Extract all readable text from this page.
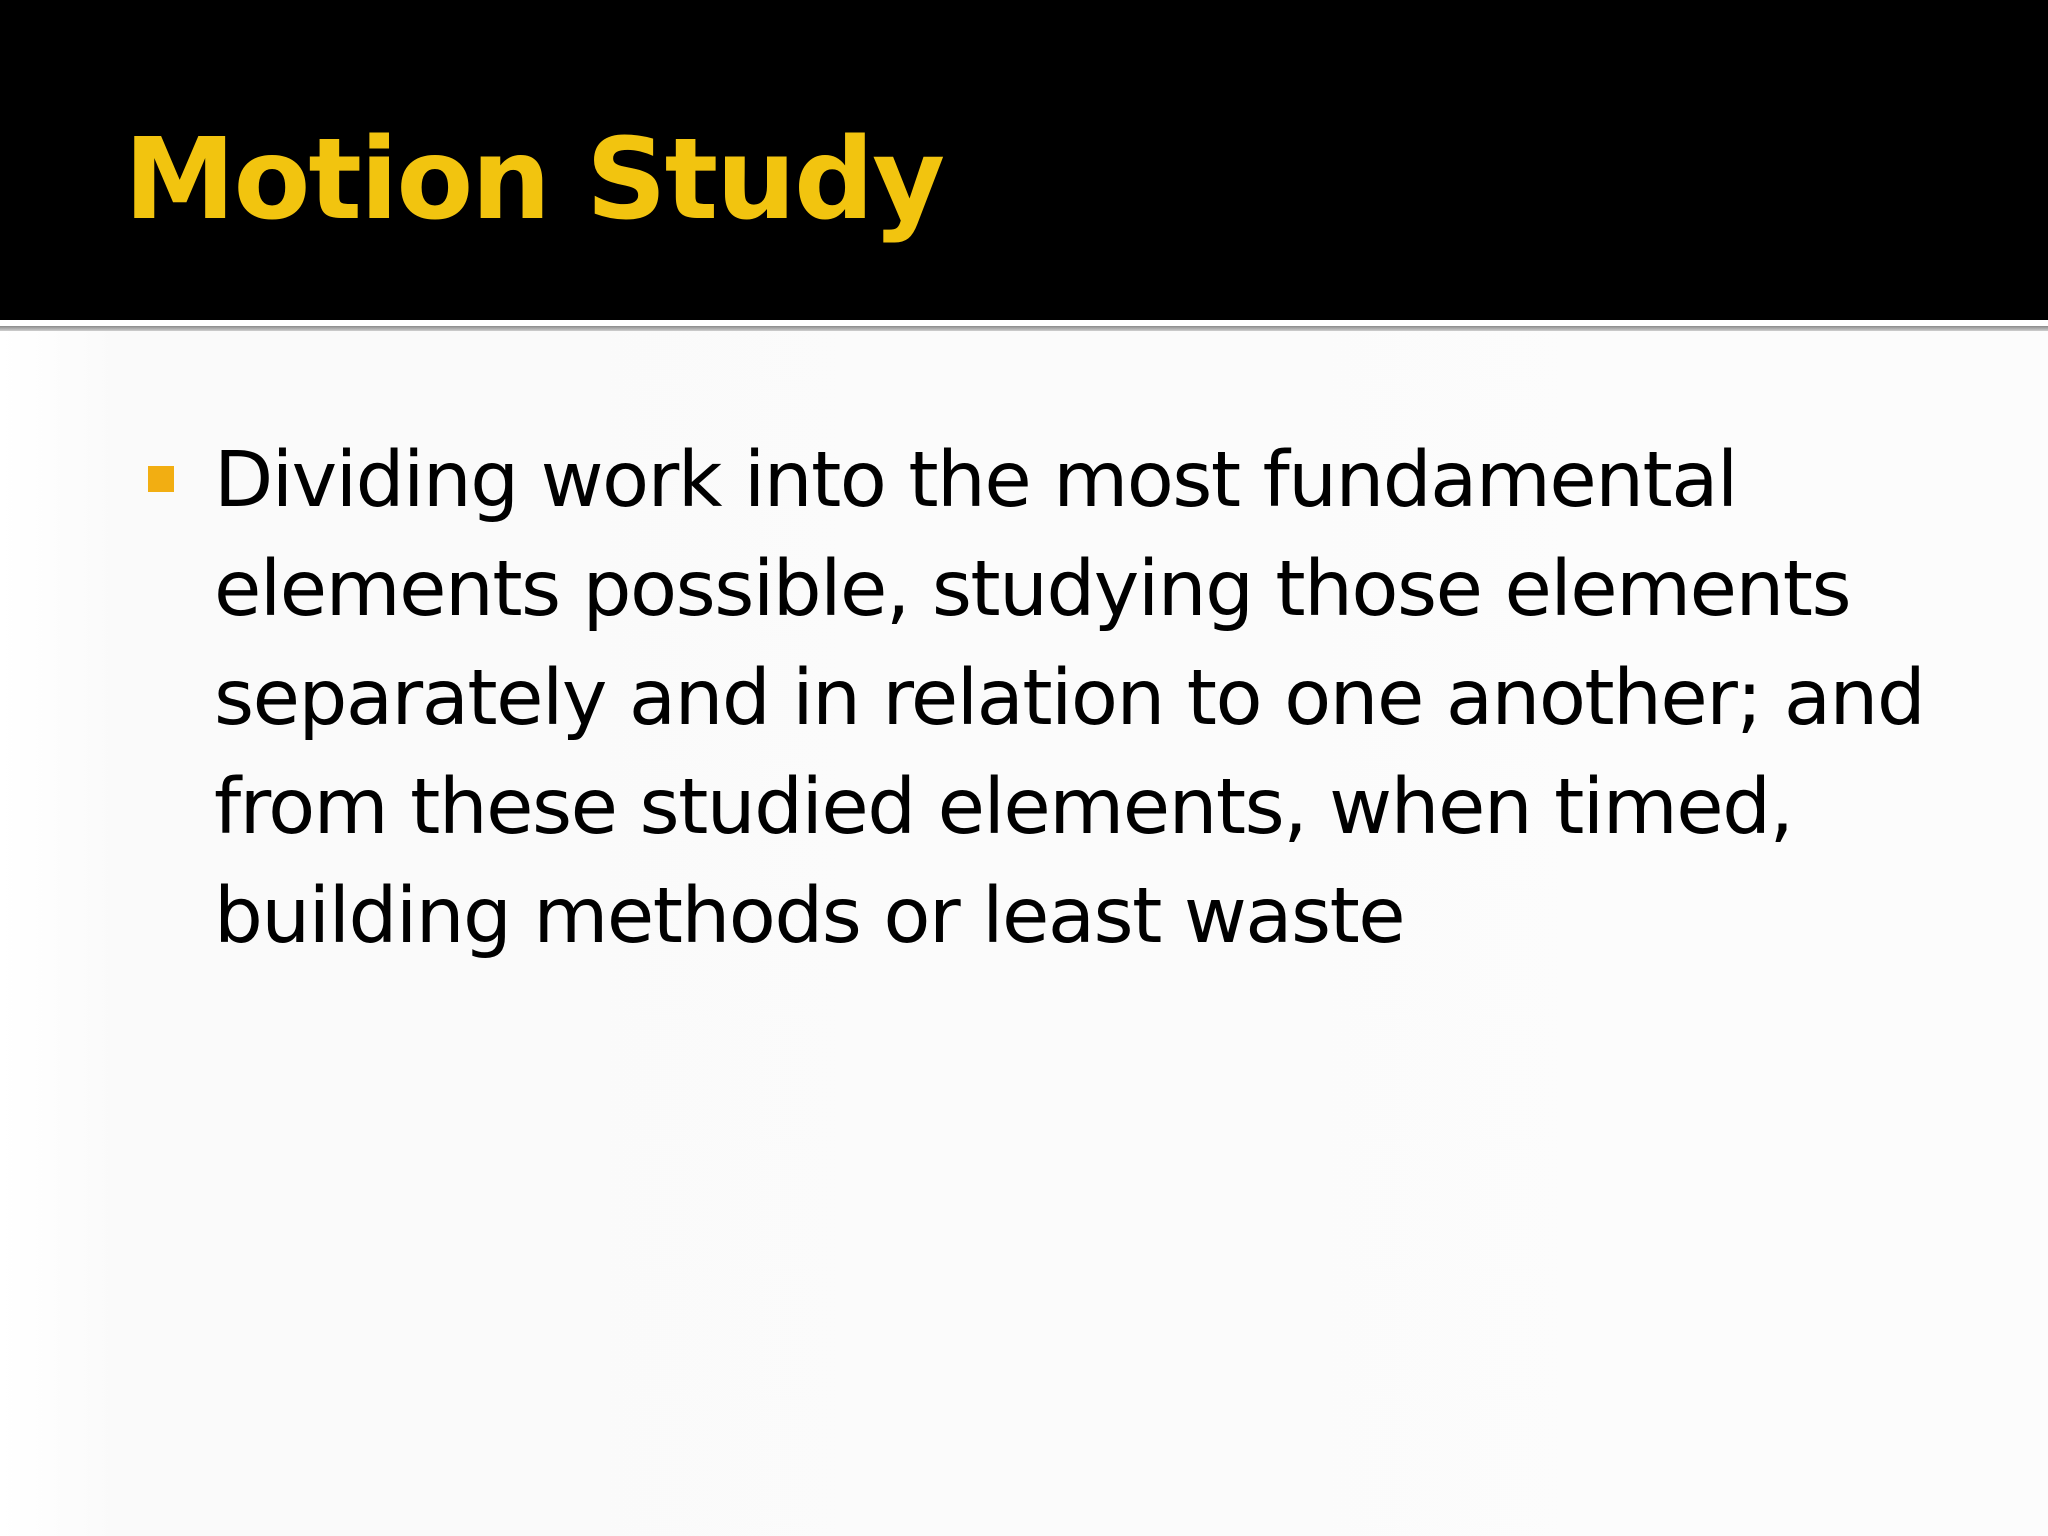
Motion Study
Dividing work into the most fundamental elements possible, studying those elements separately and in relation to one another; and from these studied elements, when timed, building methods or least waste
